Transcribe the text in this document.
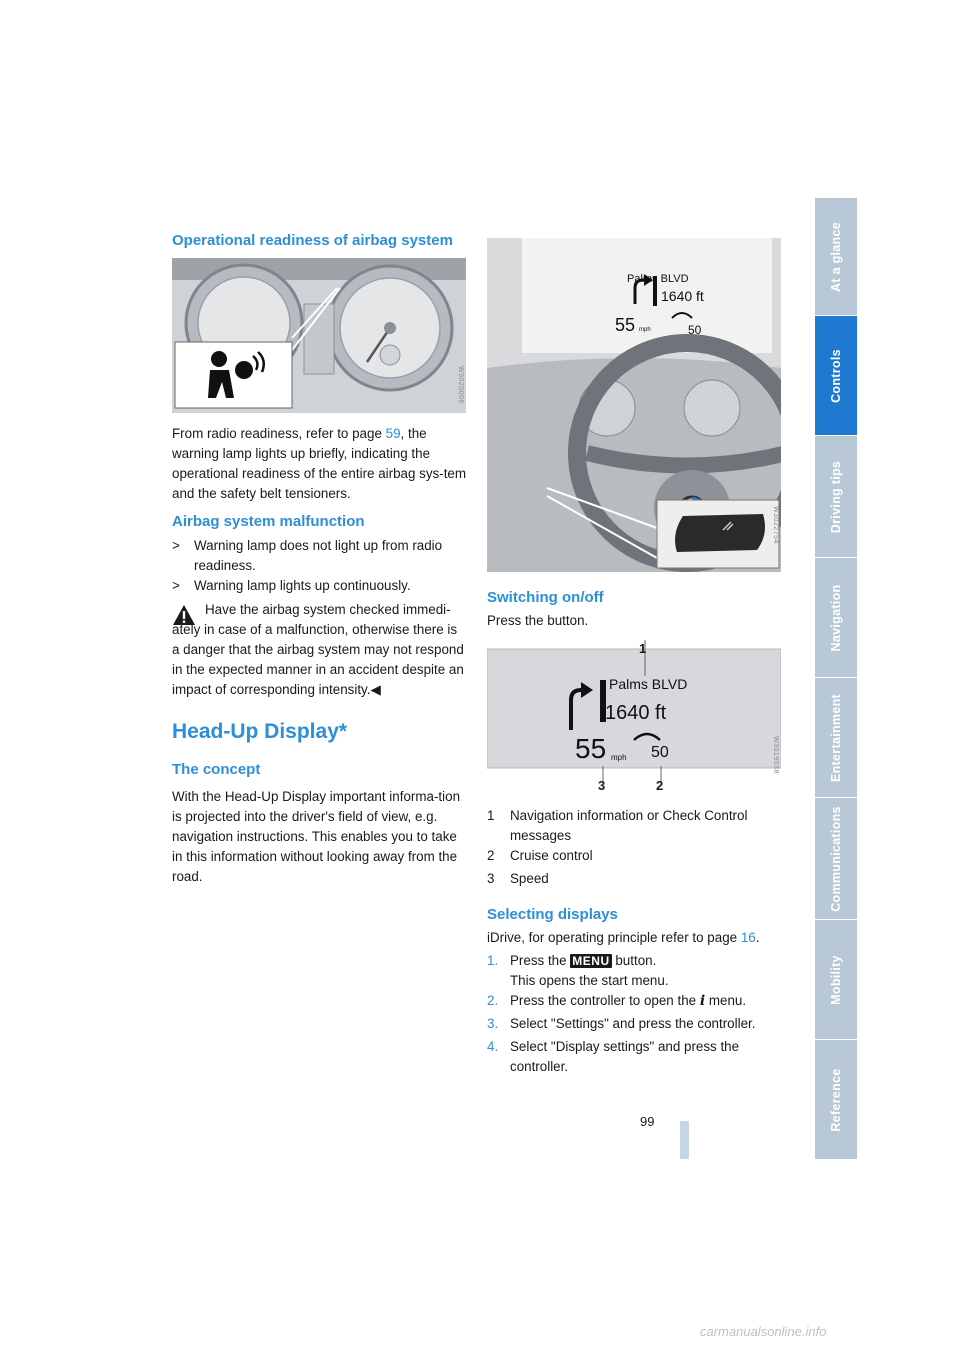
Operational readiness of airbag system
W3020006

From radio readiness, refer to page 59, the warning lamp lights up briefly, indicating the operational readiness of the entire airbag sys-tem and the safety belt tensioners.

Airbag system malfunction
> Warning lamp does not light up from radio readiness.
> Warning lamp lights up continuously.

Have the airbag system checked immedi-ately in case of a malfunction, otherwise there is a danger that the airbag system may not respond in the expected manner in an accident despite an impact of corresponding intensity.◀

Head-Up Display*
The concept

With the Head-Up Display important informa-tion is projected into the driver's field of view, e.g. navigation instructions. This enables you to take in this information without looking away from the road.

Palms BLVD
1640 ft
55 mph	50
W3022754
Switching on/off

Press the button.

1
Palms BLVD
1640 ft
55 mph 50
3	2
W3019038
1 Navigation information or Check Control messages
2 Cruise control
3 Speed
Selecting displays

iDrive, for operating principle refer to page 16.

1. Press the MENU button.
This opens the start menu.
2. Press the controller to open the i menu.
3. Select "Settings" and press the controller.
4. Select "Display settings" and press the controller.
At a glance
Controls
Driving tips
Navigation
Entertainment
Communications
Mobility
Reference
99
carmanualsonline.info
